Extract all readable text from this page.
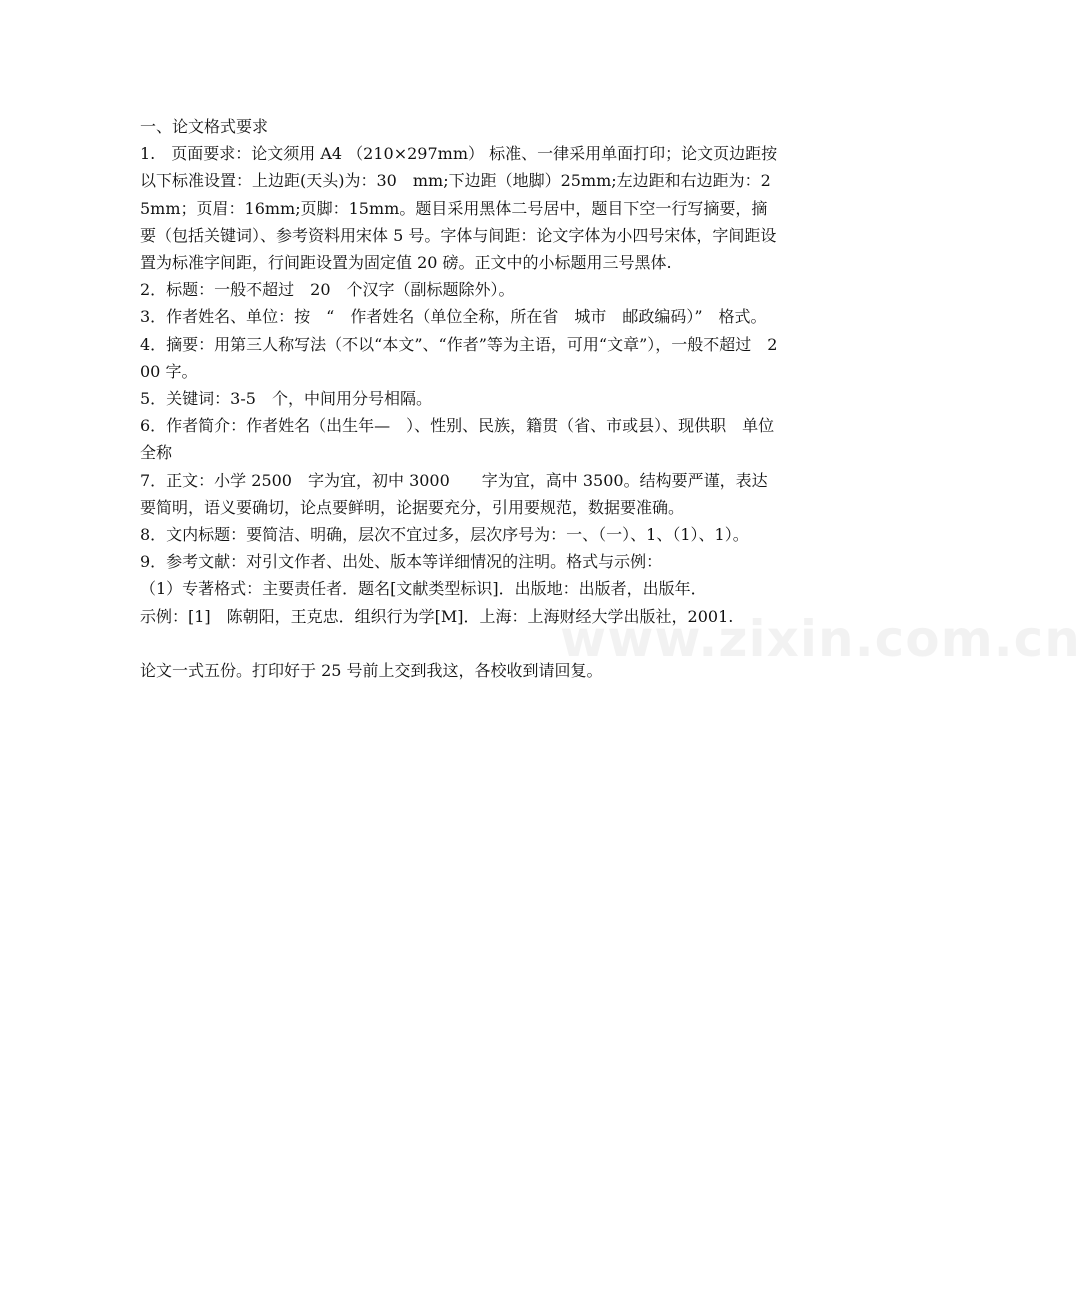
一、论文格式要求

1.　页面要求：论文须用 A4 （210×297mm） 标准、一律采用单面打印；论文页边距按以下标准设置：上边距(天头)为：30　mm;下边距（地脚）25mm;左边距和右边距为：25mm；页眉：16mm;页脚：15mm。题目采用黑体二号居中，题目下空一行写摘要，摘要（包括关键词）、参考资料用宋体 5 号。字体与间距：论文字体为小四号宋体，字间距设置为标准字间距，行间距设置为固定值 20 磅。正文中的小标题用三号黑体.

2．标题：一般不超过　20　个汉字（副标题除外）。

3．作者姓名、单位：按　“　作者姓名（单位全称，所在省　城市　邮政编码）”　格式。

4．摘要：用第三人称写法（不以“本文”、“作者”等为主语，可用“文章”），一般不超过　200 字。

5．关键词：3-5　个，中间用分号相隔。

6．作者简介：作者姓名（出生年—　）、性别、民族，籍贯（省、市或县）、现供职　单位全称

7．正文：小学 2500　字为宜，初中 3000　　字为宜，高中 3500。结构要严谨，表达要简明，语义要确切，论点要鲜明，论据要充分，引用要规范，数据要准确。

8．文内标题：要简洁、明确，层次不宜过多，层次序号为：一、（一）、1、（1）、1）。

9．参考文献：对引文作者、出处、版本等详细情况的注明。格式与示例：

（1）专著格式：主要责任者．题名[文献类型标识]．出版地：出版者，出版年．

示例：[1]　陈朝阳，王克忠．组织行为学[M]．上海：上海财经大学出版社，2001.

论文一式五份。打印好于 25 号前上交到我这，各校收到请回复。

www.zixin.com.cn
